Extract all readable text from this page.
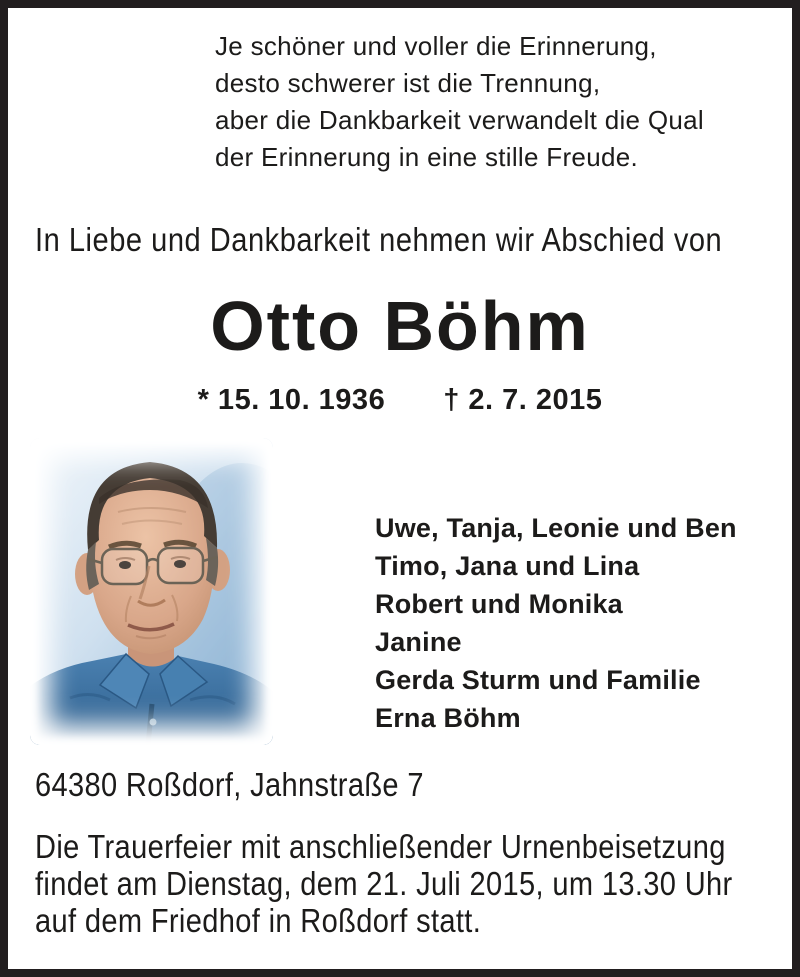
Je schöner und voller die Erinnerung,
desto schwerer ist die Trennung,
aber die Dankbarkeit verwandelt die Qual
der Erinnerung in eine stille Freude.
In Liebe und Dankbarkeit nehmen wir Abschied von
Otto Böhm
* 15. 10. 1936 † 2. 7. 2015
Uwe, Tanja, Leonie und Ben
Timo, Jana und Lina
Robert und Monika
Janine
Gerda Sturm und Familie
Erna Böhm
64380 Roßdorf, Jahnstraße 7
Die Trauerfeier mit anschließender Urnenbeisetzung
findet am Dienstag, dem 21. Juli 2015, um 13.30 Uhr
auf dem Friedhof in Roßdorf statt.
